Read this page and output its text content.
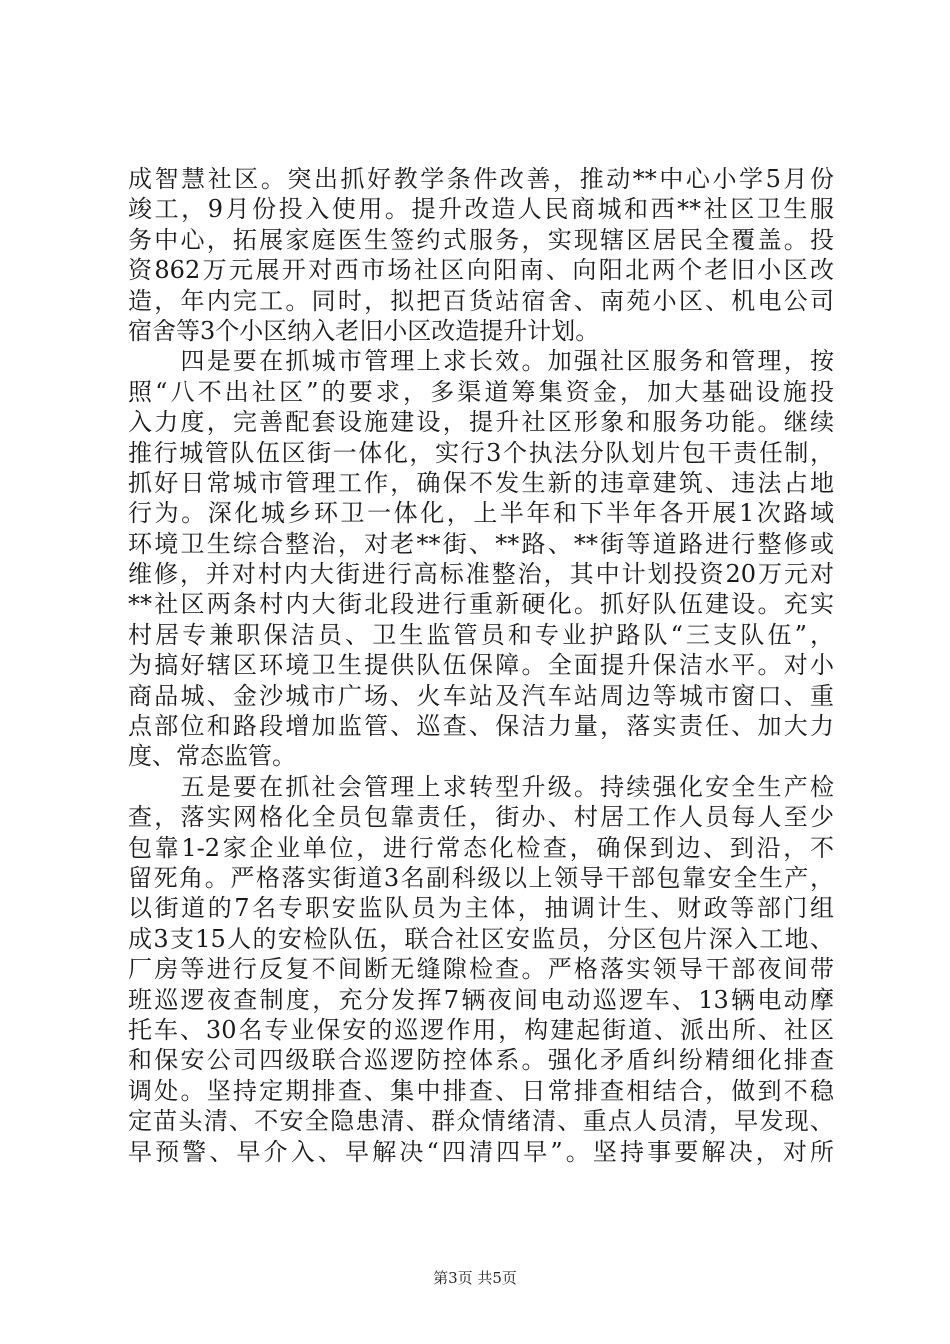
成智慧社区。突出抓好教学条件改善，推动**中心小学5月份
竣工，9月份投入使用。提升改造人民商城和西**社区卫生服
务中心，拓展家庭医生签约式服务，实现辖区居民全覆盖。投
资862万元展开对西市场社区向阳南、向阳北两个老旧小区改
造，年内完工。同时，拟把百货站宿舍、南苑小区、机电公司
宿舍等3个小区纳入老旧小区改造提升计划。
　　四是要在抓城市管理上求长效。加强社区服务和管理，按
照“八不出社区”的要求，多渠道筹集资金，加大基础设施投
入力度，完善配套设施建设，提升社区形象和服务功能。继续
推行城管队伍区街一体化，实行3个执法分队划片包干责任制，
抓好日常城市管理工作，确保不发生新的违章建筑、违法占地
行为。深化城乡环卫一体化，上半年和下半年各开展1次路域
环境卫生综合整治，对老**街、**路、**街等道路进行整修或
维修，并对村内大街进行高标准整治，其中计划投资20万元对
**社区两条村内大街北段进行重新硬化。抓好队伍建设。充实
村居专兼职保洁员、卫生监管员和专业护路队“三支队伍”，
为搞好辖区环境卫生提供队伍保障。全面提升保洁水平。对小
商品城、金沙城市广场、火车站及汽车站周边等城市窗口、重
点部位和路段增加监管、巡查、保洁力量，落实责任、加大力
度、常态监管。
　　五是要在抓社会管理上求转型升级。持续强化安全生产检
查，落实网格化全员包靠责任，街办、村居工作人员每人至少
包靠1-2家企业单位，进行常态化检查，确保到边、到沿，不
留死角。严格落实街道3名副科级以上领导干部包靠安全生产，
以街道的7名专职安监队员为主体，抽调计生、财政等部门组
成3支15人的安检队伍，联合社区安监员，分区包片深入工地、
厂房等进行反复不间断无缝隙检查。严格落实领导干部夜间带
班巡逻夜查制度，充分发挥7辆夜间电动巡逻车、13辆电动摩
托车、30名专业保安的巡逻作用，构建起街道、派出所、社区
和保安公司四级联合巡逻防控体系。强化矛盾纠纷精细化排查
调处。坚持定期排查、集中排查、日常排查相结合，做到不稳
定苗头清、不安全隐患清、群众情绪清、重点人员清，早发现、
早预警、早介入、早解决“四清四早”。坚持事要解决，对所
第3页 共5页
